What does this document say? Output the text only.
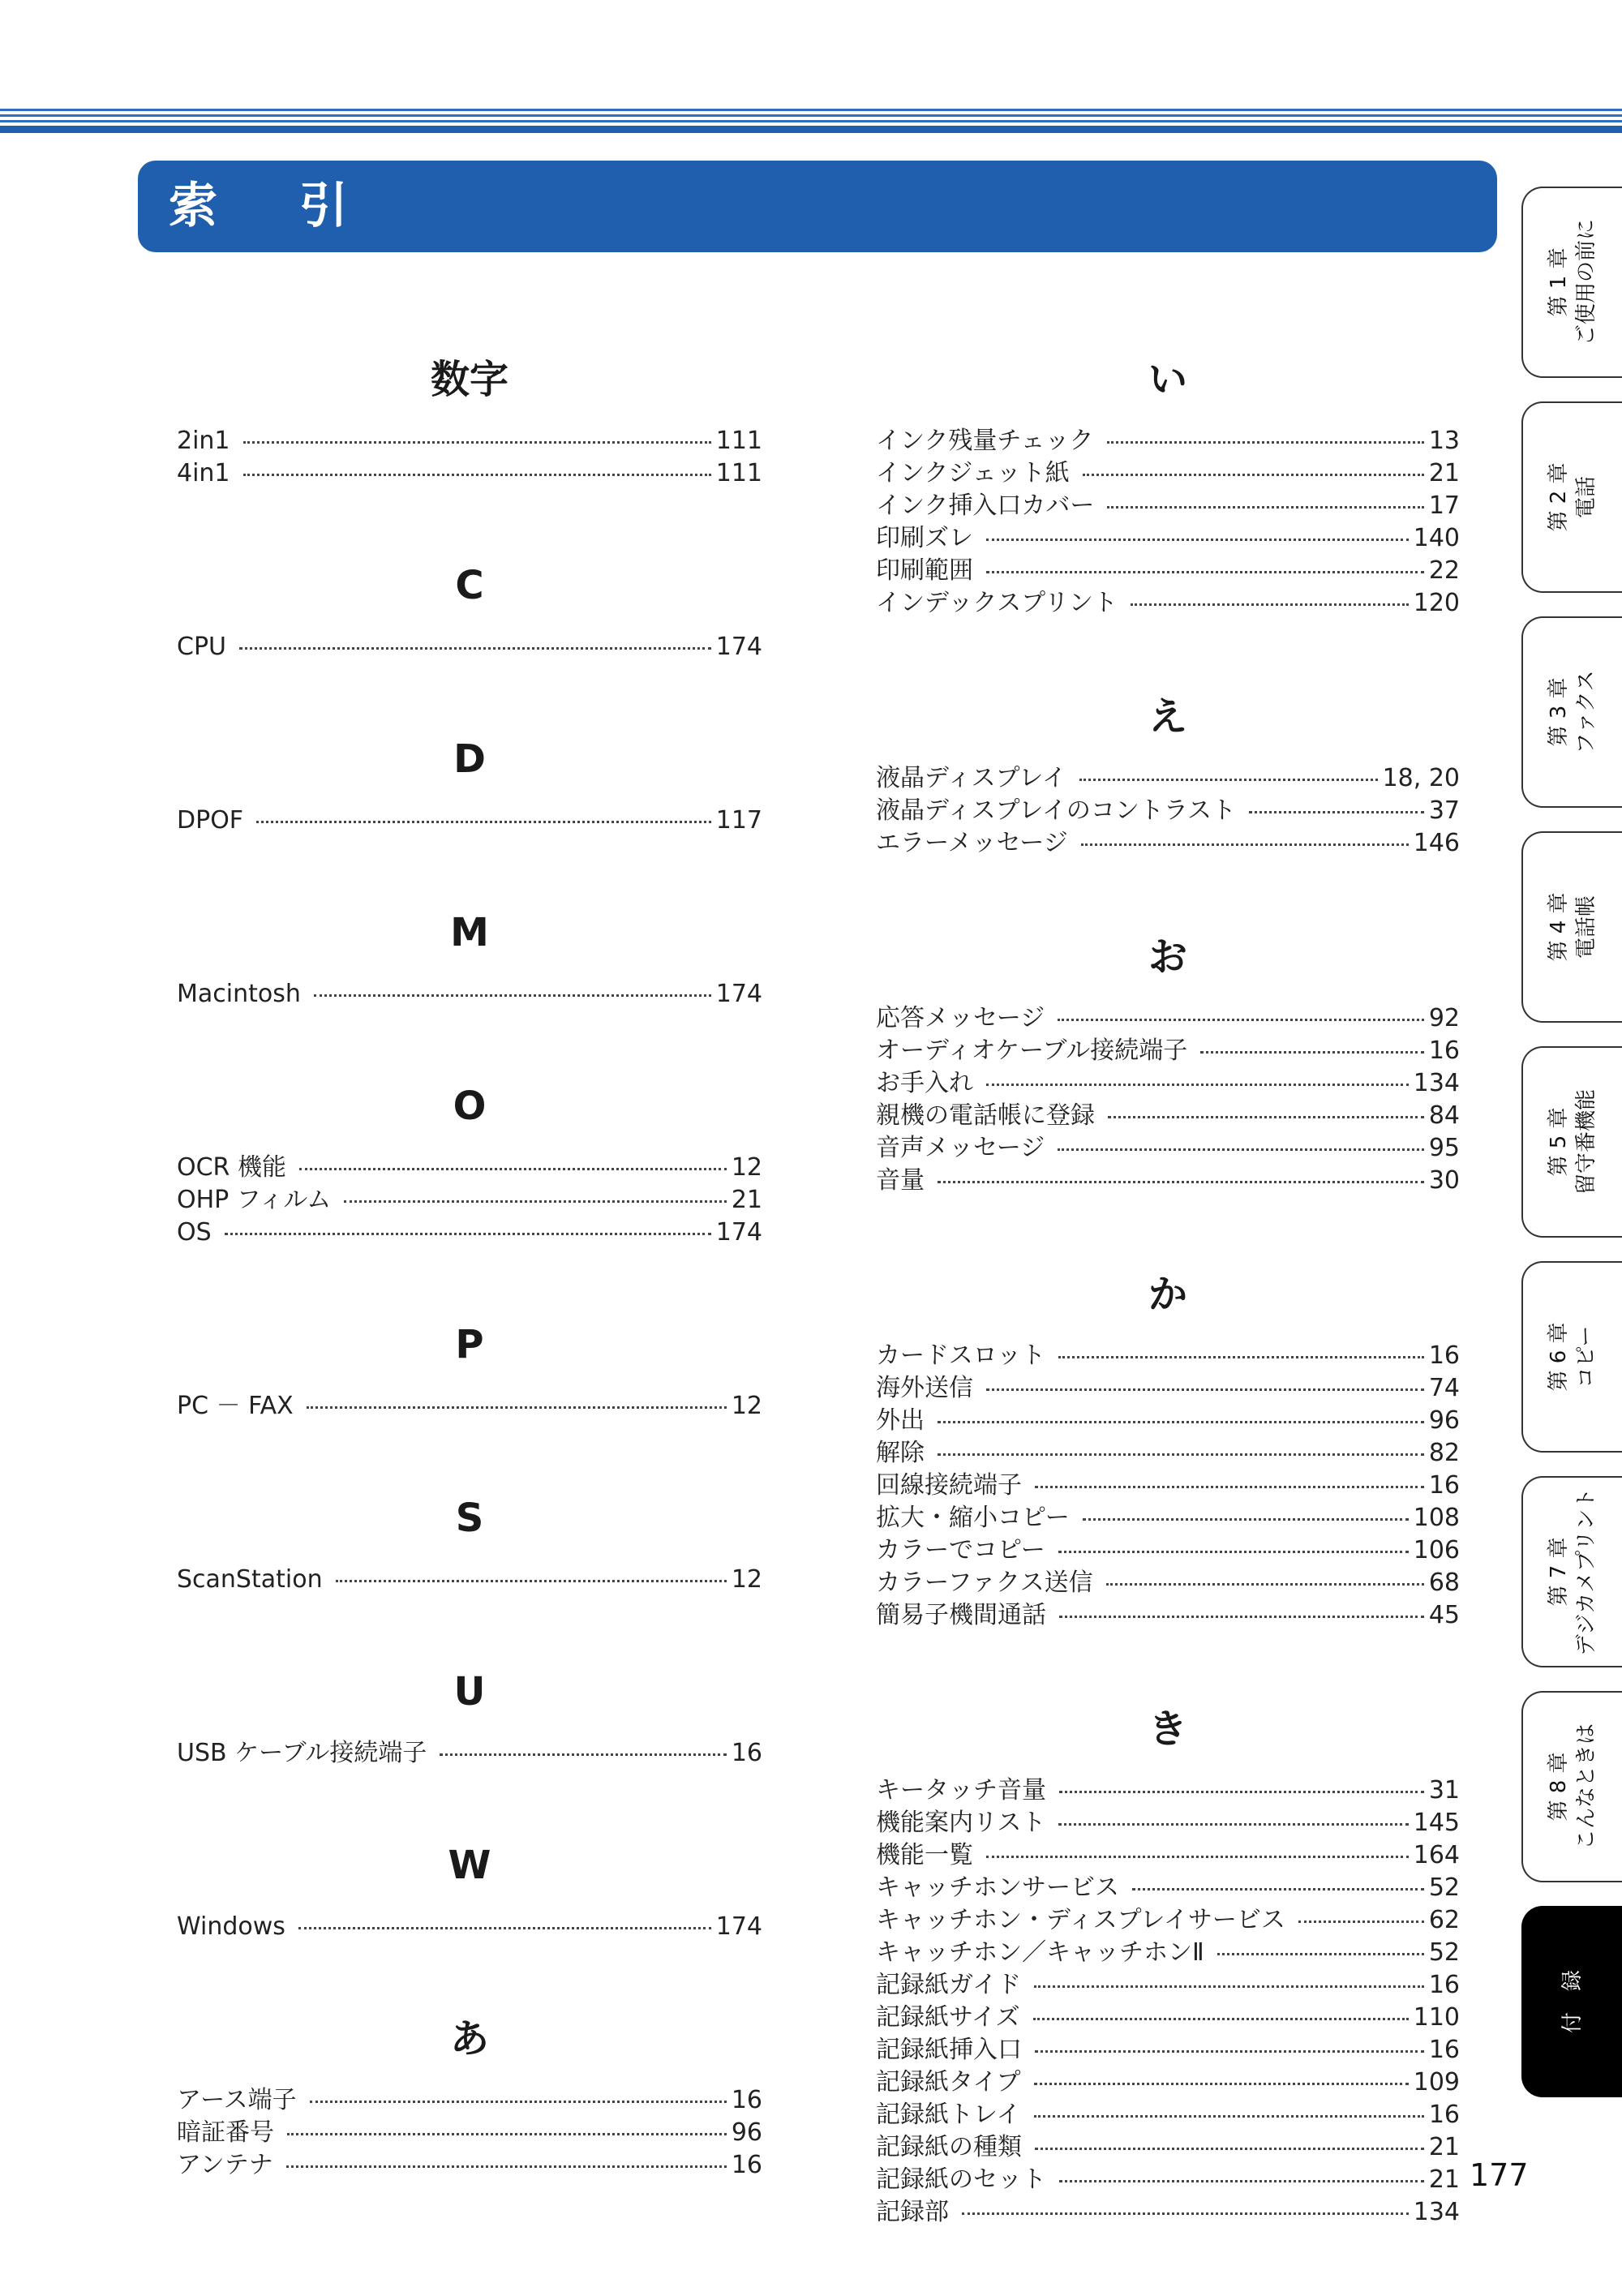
索 引
数字
2in1	111
4in1	111
C
CPU	174
D
DPOF	117
M
Macintosh	174
O
OCR 機能	12
OHP フィルム	21
OS	174
P
PC － FAX	12
S
ScanStation	12
U
USB ケーブル接続端子	16
W
Windows	174
あ
アース端子	16
暗証番号	96
アンテナ	16
い
インク残量チェック	13
インクジェット紙	21
インク挿入口カバー	17
印刷ズレ	140
印刷範囲	22
インデックスプリント	120
え
液晶ディスプレイ	18, 20
液晶ディスプレイのコントラスト	37
エラーメッセージ	146
お
応答メッセージ	92
オーディオケーブル接続端子	16
お手入れ	134
親機の電話帳に登録	84
音声メッセージ	95
音量	30
か
カードスロット	16
海外送信	74
外出	96
解除	82
回線接続端子	16
拡大・縮小コピー	108
カラーでコピー	106
カラーファクス送信	68
簡易子機間通話	45
き
キータッチ音量	31
機能案内リスト	145
機能一覧	164
キャッチホンサービス	52
キャッチホン・ディスプレイサービス	62
キャッチホン／キャッチホンⅡ	52
記録紙ガイド	16
記録紙サイズ	110
記録紙挿入口	16
記録紙タイプ	109
記録紙トレイ	16
記録紙の種類	21
記録紙のセット	21
記録部	134
第 1 章 ご使用の前に
第 2 章 電話
第 3 章 ファクス
第 4 章 電話帳
第 5 章 留守番機能
第 6 章 コピー
第 7 章 デジカメプリント
第 8 章 こんなときは
付　録
177
